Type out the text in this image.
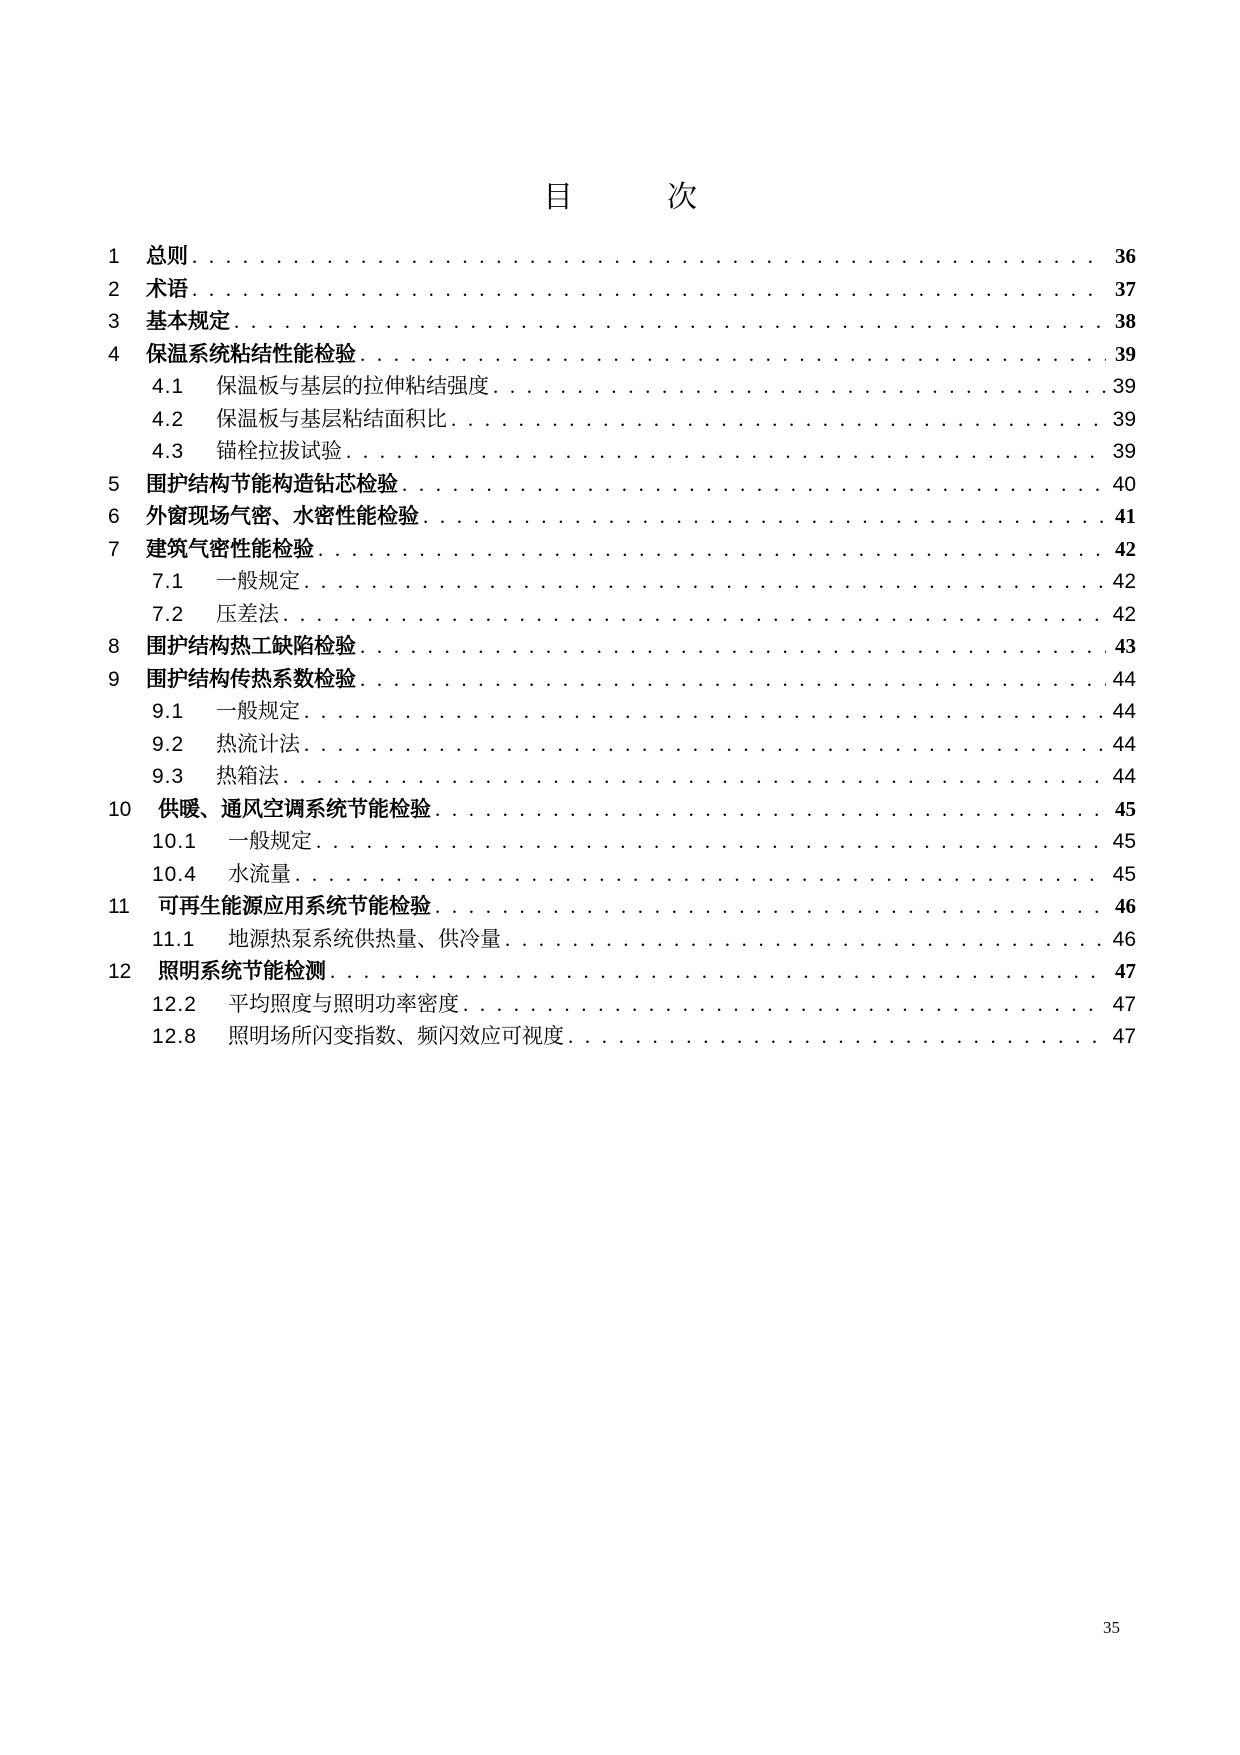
目　次
1	总则 . . .	36
2	术语 . . .	37
3	基本规定 . . .	38
4	保温系统粘结性能检验 . . .	39
4.1	保温板与基层的拉伸粘结强度 . . .	39
4.2	保温板与基层粘结面积比 . . .	39
4.3	锚栓拉拔试验 . . .	39
5	围护结构节能构造钻芯检验 . . .	40
6	外窗现场气密、水密性能检验 . . .	41
7	建筑气密性能检验 . . .	42
7.1	一般规定 . . .	42
7.2	压差法 . . .	42
8	围护结构热工缺陷检验 . . .	43
9	围护结构传热系数检验 . . .	44
9.1	一般规定 . . .	44
9.2	热流计法 . . .	44
9.3	热箱法 . . .	44
10	供暖、通风空调系统节能检验 . . .	45
10.1	一般规定 . . .	45
10.4	水流量 . . .	45
11	可再生能源应用系统节能检验 . . .	46
11.1	地源热泵系统供热量、供冷量 . . .	46
12	照明系统节能检测 . . .	47
12.2	平均照度与照明功率密度 . . .	47
12.8	照明场所闪变指数、频闪效应可视度 . . .	47
35
